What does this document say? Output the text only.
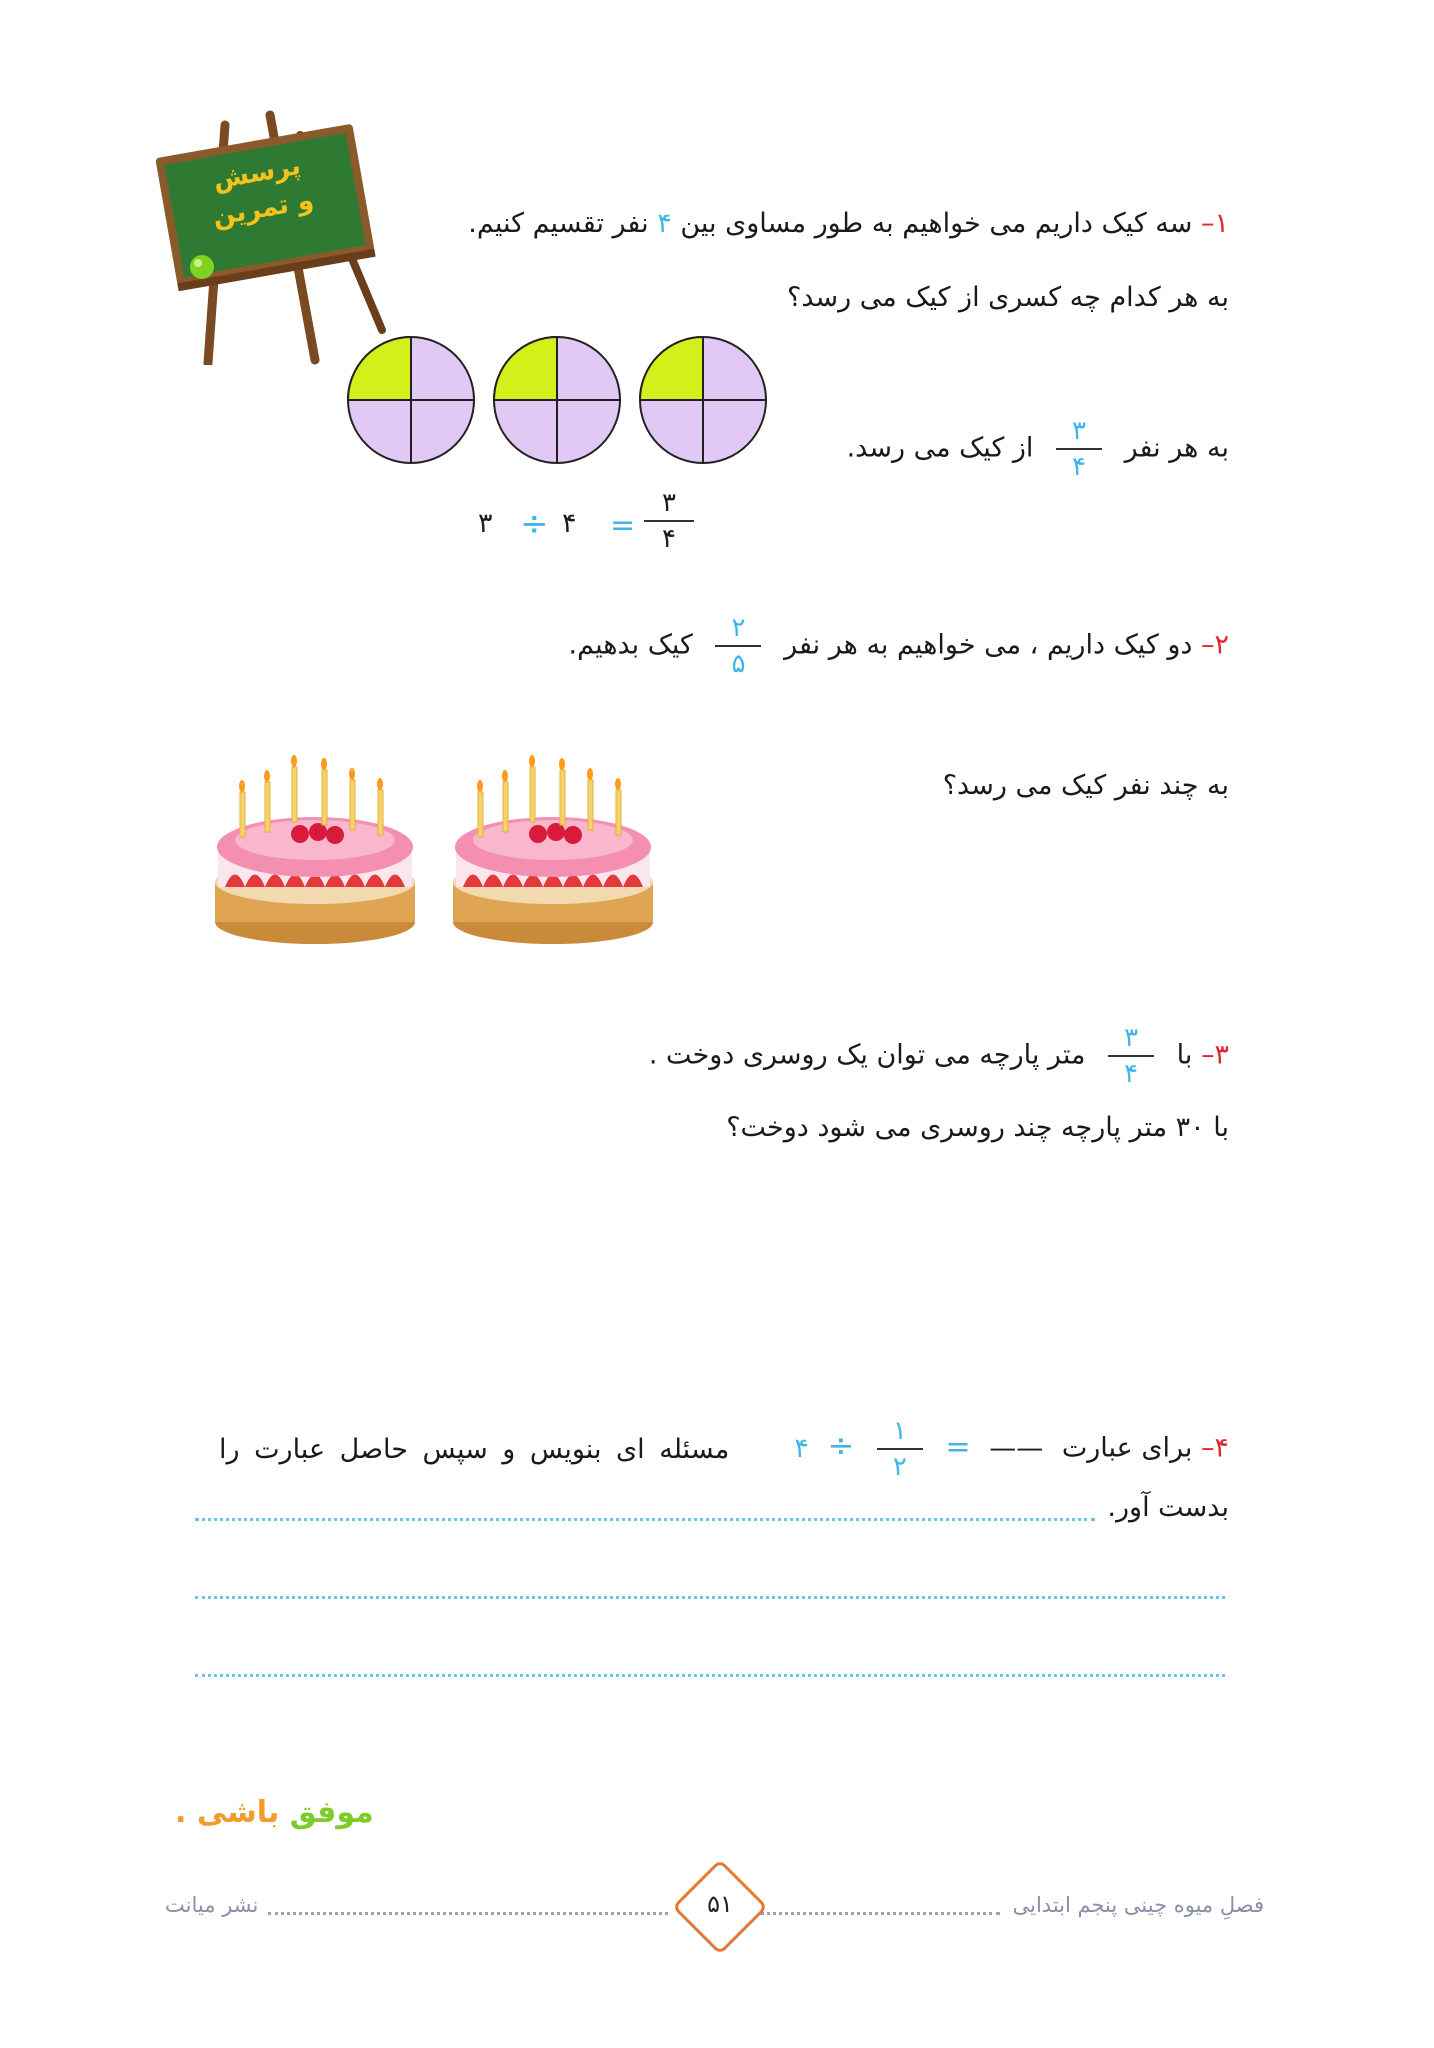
پرسش
و تمرین	۱– سه کیک داریم می خواهیم به طور مساوی بین ۴ نفر تقسیم کنیم.
به هر کدام چه کسری از کیک می رسد؟
به هر نفر
$\frac{۳}{۴}$
از کیک می رسد.
۳
۴
=
۴
÷
۳
۲– دو کیک داریم ، می خواهیم به هر نفر
$\frac{۲}{۵}$
کیک بدهیم.
به چند نفر کیک می رسد؟
۳– با
$\frac{۳}{۴}$
متر پارچه می توان یک روسری دوخت .
با ۳۰ متر پارچه چند روسری می شود دوخت؟
۴– برای عبارت —— =
$\frac{۱}{۲}$
÷ ۴
مسئله ای بنویس و سپس حاصل عبارت را
بدست آور.
موفق باشی .
فصلِ میوه چینی پنجم ابتدایی
نشر میانت	۵۱
